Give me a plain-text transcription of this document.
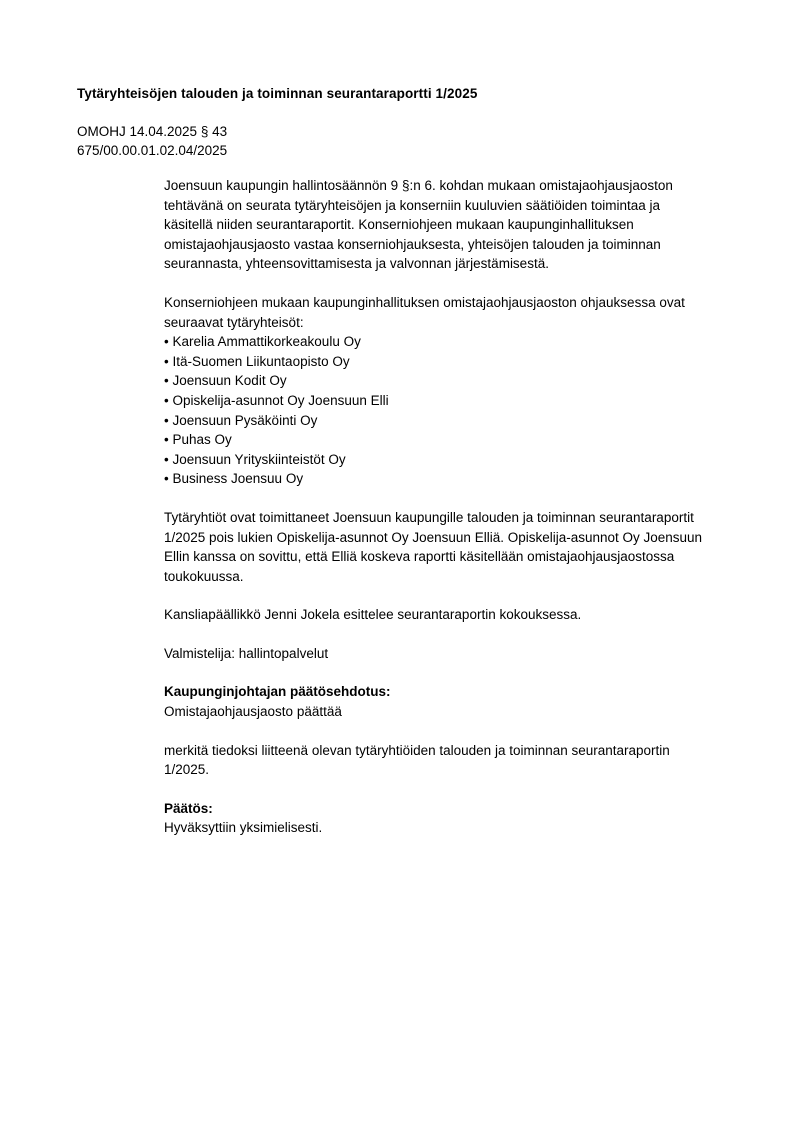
Tytäryhteisöjen talouden ja toiminnan seurantaraportti 1/2025
OMOHJ 14.04.2025 § 43
675/00.00.01.02.04/2025

Joensuun kaupungin hallintosäännön 9 §:n 6. kohdan mukaan omistajaohjausjaoston tehtävänä on seurata tytäryhteisöjen ja konserniin kuuluvien säätiöiden toimintaa ja käsitellä niiden seurantaraportit. Konserniohjeen mukaan kaupunginhallituksen omistajaohjausjaosto vastaa konserniohjauksesta, yhteisöjen talouden ja toiminnan seurannasta, yhteensovittamisesta ja valvonnan järjestämisestä.

Konserniohjeen mukaan kaupunginhallituksen omistajaohjausjaoston ohjauksessa ovat seuraavat tytäryhteisöt:

• Karelia Ammattikorkeakoulu Oy
• Itä-Suomen Liikuntaopisto Oy
• Joensuun Kodit Oy
• Opiskelija-asunnot Oy Joensuun Elli
• Joensuun Pysäköinti Oy
• Puhas Oy
• Joensuun Yrityskiinteistöt Oy
• Business Joensuu Oy

Tytäryhtiöt ovat toimittaneet Joensuun kaupungille talouden ja toiminnan seurantaraportit 1/2025 pois lukien Opiskelija-asunnot Oy Joensuun Elliä. Opiskelija-asunnot Oy Joensuun Ellin kanssa on sovittu, että Elliä koskeva raportti käsitellään omistajaohjausjaostossa toukokuussa.

Kansliapäällikkö Jenni Jokela esittelee seurantaraportin kokouksessa.

Valmistelija: hallintopalvelut

Kaupunginjohtajan päätösehdotus:

Omistajaohjausjaosto päättää

merkitä tiedoksi liitteenä olevan tytäryhtiöiden talouden ja toiminnan seurantaraportin 1/2025.

Päätös:

Hyväksyttiin yksimielisesti.
